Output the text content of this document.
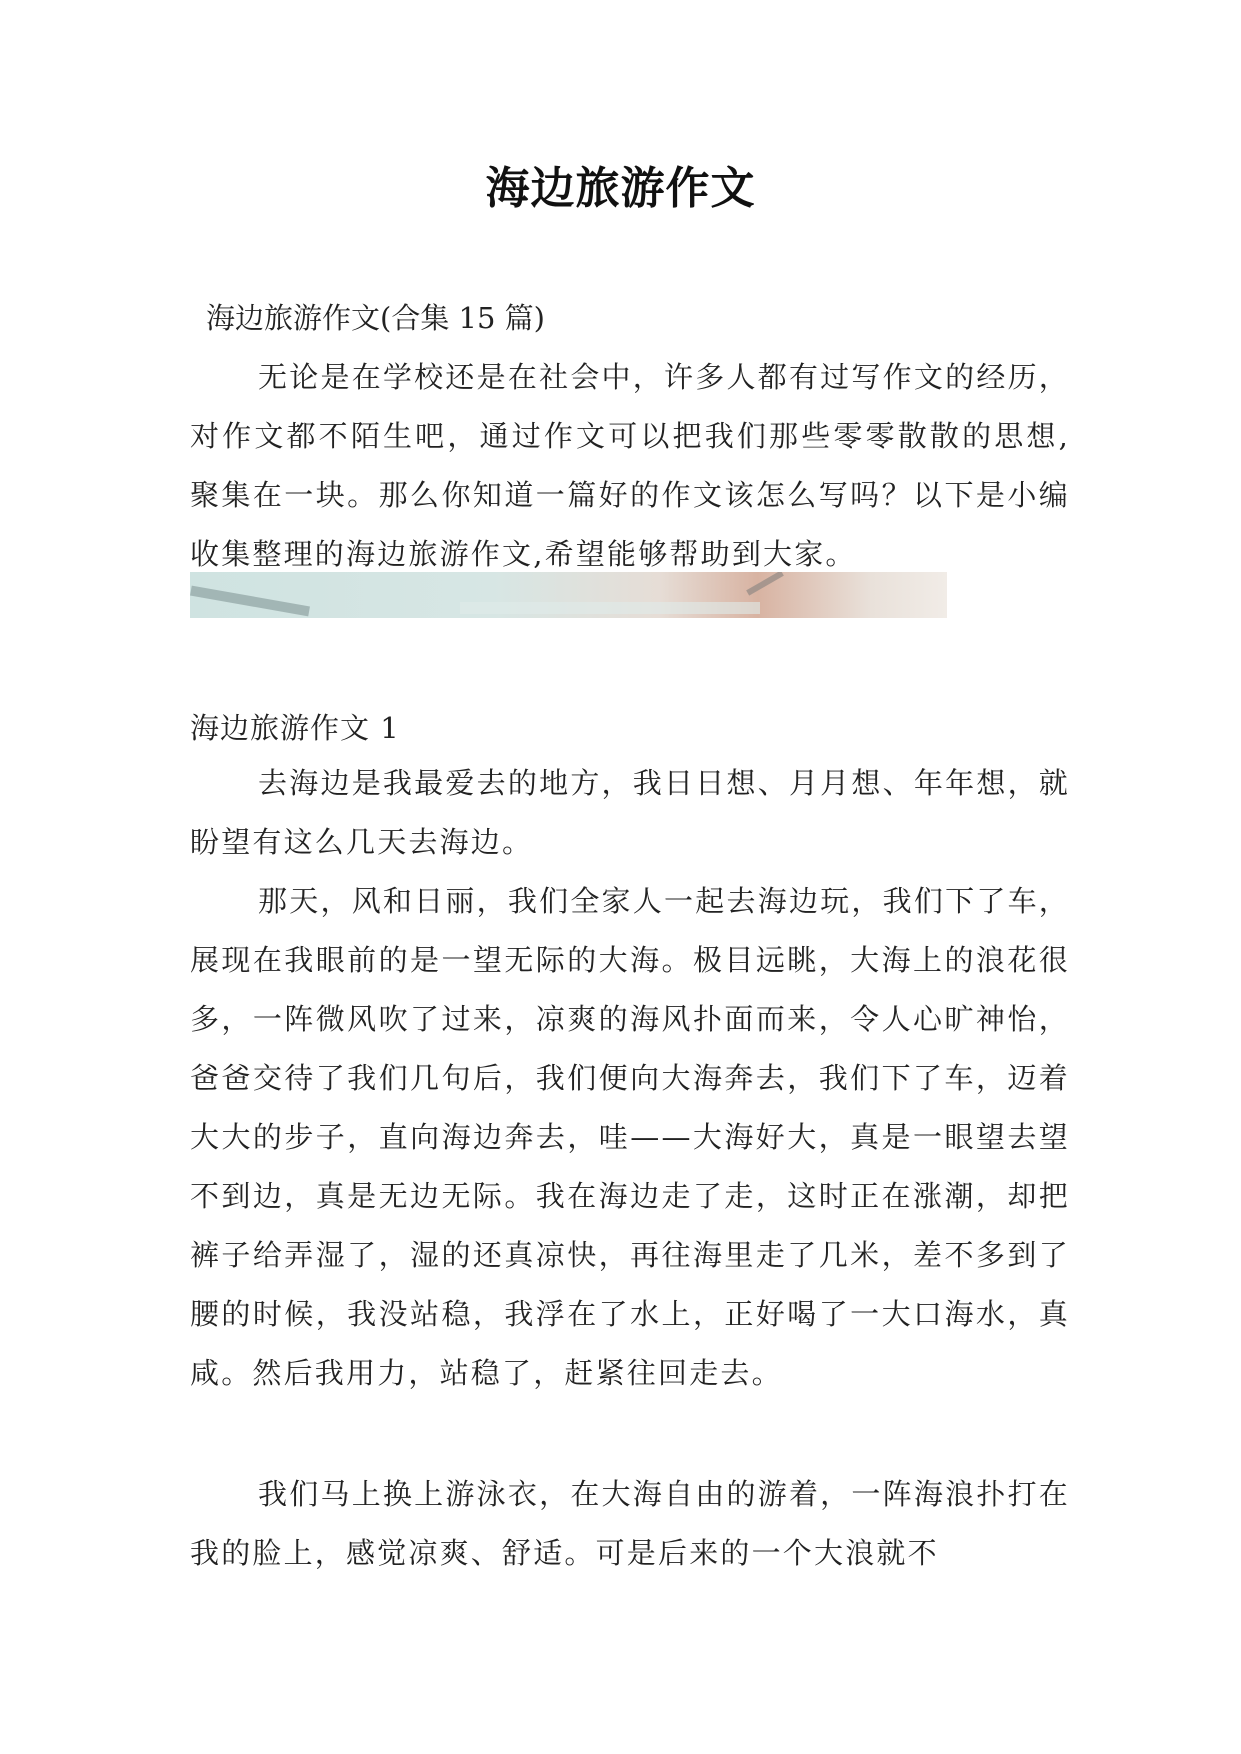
海边旅游作文
海边旅游作文(合集 15 篇)
无论是在学校还是在社会中，许多人都有过写作文的经历，对作文都不陌生吧，通过作文可以把我们那些零零散散的思想,聚集在一块。那么你知道一篇好的作文该怎么写吗？以下是小编收集整理的海边旅游作文,希望能够帮助到大家。
海边旅游作文 1
去海边是我最爱去的地方，我日日想、月月想、年年想，就盼望有这么几天去海边。
那天，风和日丽，我们全家人一起去海边玩，我们下了车，展现在我眼前的是一望无际的大海。极目远眺，大海上的浪花很多，一阵微风吹了过来，凉爽的海风扑面而来，令人心旷神怡，爸爸交待了我们几句后，我们便向大海奔去，我们下了车，迈着大大的步子，直向海边奔去，哇——大海好大，真是一眼望去望不到边，真是无边无际。我在海边走了走，这时正在涨潮，却把裤子给弄湿了，湿的还真凉快，再往海里走了几米，差不多到了腰的时候，我没站稳，我浮在了水上，正好喝了一大口海水，真咸。然后我用力，站稳了，赶紧往回走去。
我们马上换上游泳衣，在大海自由的游着，一阵海浪扑打在我的脸上，感觉凉爽、舒适。可是后来的一个大浪就不
